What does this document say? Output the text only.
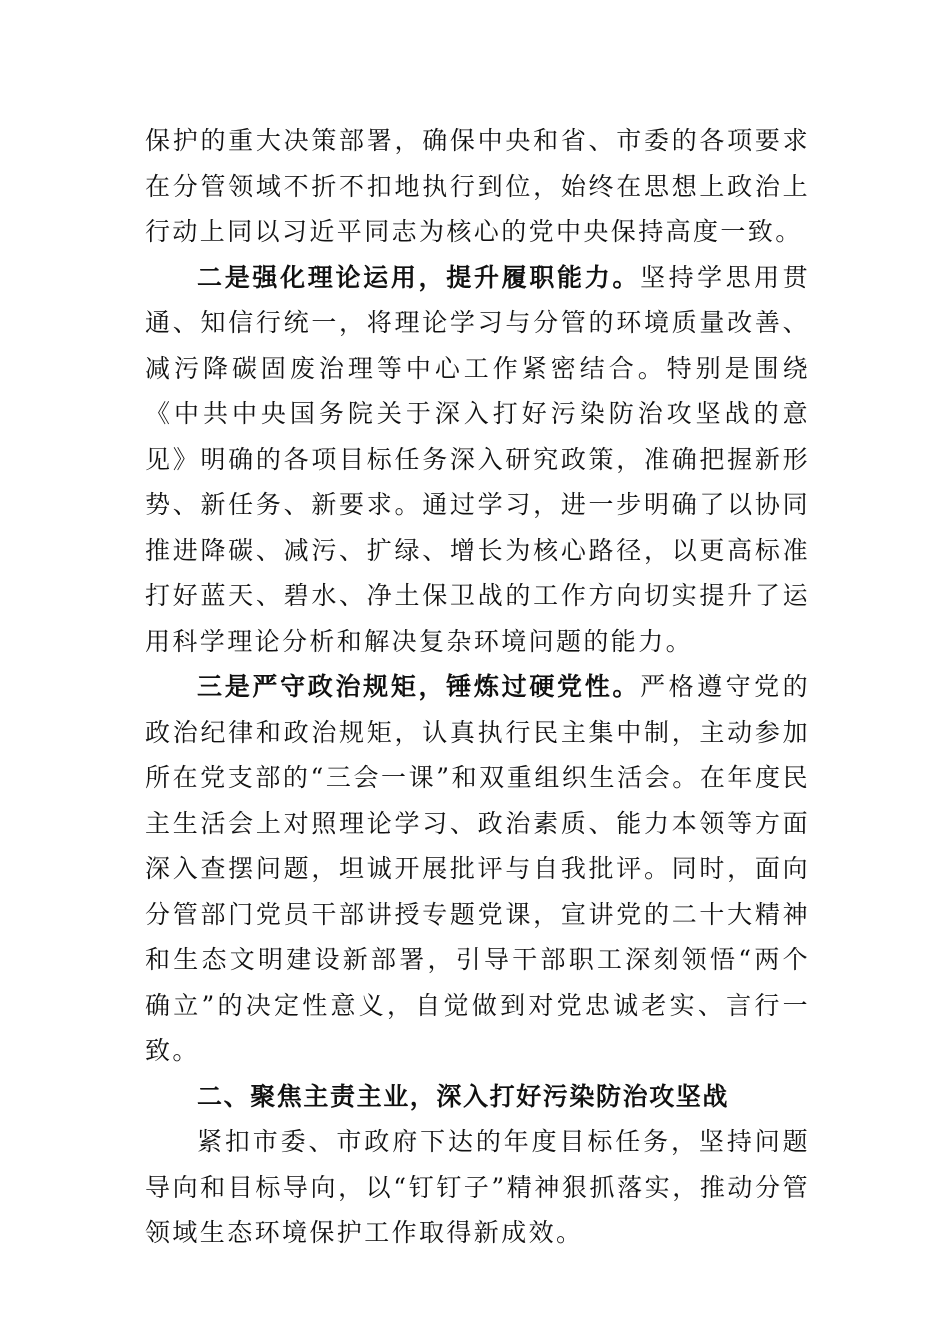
保护的重大决策部署，确保中央和省、市委的各项要求在分管领域不折不扣地执行到位，始终在思想上政治上行动上同以习近平同志为核心的党中央保持高度一致。

二是强化理论运用，提升履职能力。坚持学思用贯通、知信行统一，将理论学习与分管的环境质量改善、减污降碳固废治理等中心工作紧密结合。特别是围绕《中共中央国务院关于深入打好污染防治攻坚战的意见》明确的各项目标任务深入研究政策，准确把握新形势、新任务、新要求。通过学习，进一步明确了以协同推进降碳、减污、扩绿、增长为核心路径，以更高标准打好蓝天、碧水、净土保卫战的工作方向切实提升了运用科学理论分析和解决复杂环境问题的能力。

三是严守政治规矩，锤炼过硬党性。严格遵守党的政治纪律和政治规矩，认真执行民主集中制，主动参加所在党支部的“三会一课”和双重组织生活会。在年度民主生活会上对照理论学习、政治素质、能力本领等方面深入查摆问题，坦诚开展批评与自我批评。同时，面向分管部门党员干部讲授专题党课，宣讲党的二十大精神和生态文明建设新部署，引导干部职工深刻领悟“两个确立”的决定性意义，自觉做到对党忠诚老实、言行一致。

二、聚焦主责主业，深入打好污染防治攻坚战

紧扣市委、市政府下达的年度目标任务，坚持问题导向和目标导向，以“钉钉子”精神狠抓落实，推动分管领域生态环境保护工作取得新成效。
